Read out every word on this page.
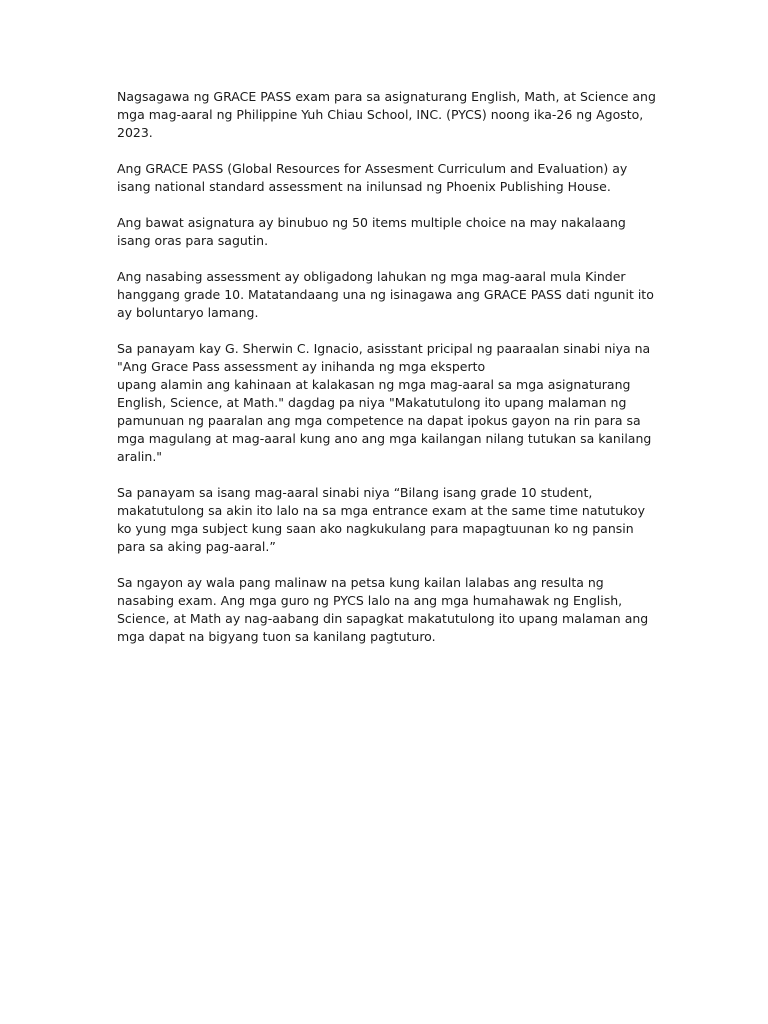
Nagsagawa ng GRACE PASS exam para sa asignaturang English, Math, at Science ang
mga mag-aaral ng Philippine Yuh Chiau School, INC. (PYCS) noong ika-26 ng Agosto,
2023.

Ang GRACE PASS (Global Resources for Assesment Curriculum and Evaluation) ay
isang national standard assessment na inilunsad ng Phoenix Publishing House.

Ang bawat asignatura ay binubuo ng 50 items multiple choice na may nakalaang
isang oras para sagutin.

Ang nasabing assessment ay obligadong lahukan ng mga mag-aaral mula Kinder
hanggang grade 10. Matatandaang una ng isinagawa ang GRACE PASS dati ngunit ito
ay boluntaryo lamang.

Sa panayam kay G. Sherwin C. Ignacio, asisstant pricipal ng paaraalan sinabi niya na
"Ang Grace Pass assessment ay inihanda ng mga eksperto
upang alamin ang kahinaan at kalakasan ng mga mag-aaral sa mga asignaturang
English, Science, at Math." dagdag pa niya "Makatutulong ito upang malaman ng
pamunuan ng paaralan ang mga competence na dapat ipokus gayon na rin para sa
mga magulang at mag-aaral kung ano ang mga kailangan nilang tutukan sa kanilang
aralin."

Sa panayam sa isang mag-aaral sinabi niya “Bilang isang grade 10 student,
makatutulong sa akin ito lalo na sa mga entrance exam at the same time natutukoy
ko yung mga subject kung saan ako nagkukulang para mapagtuunan ko ng pansin
para sa aking pag-aaral.”

Sa ngayon ay wala pang malinaw na petsa kung kailan lalabas ang resulta ng
nasabing exam. Ang mga guro ng PYCS lalo na ang mga humahawak ng English,
Science, at Math ay nag-aabang din sapagkat makatutulong ito upang malaman ang
mga dapat na bigyang tuon sa kanilang pagtuturo.
